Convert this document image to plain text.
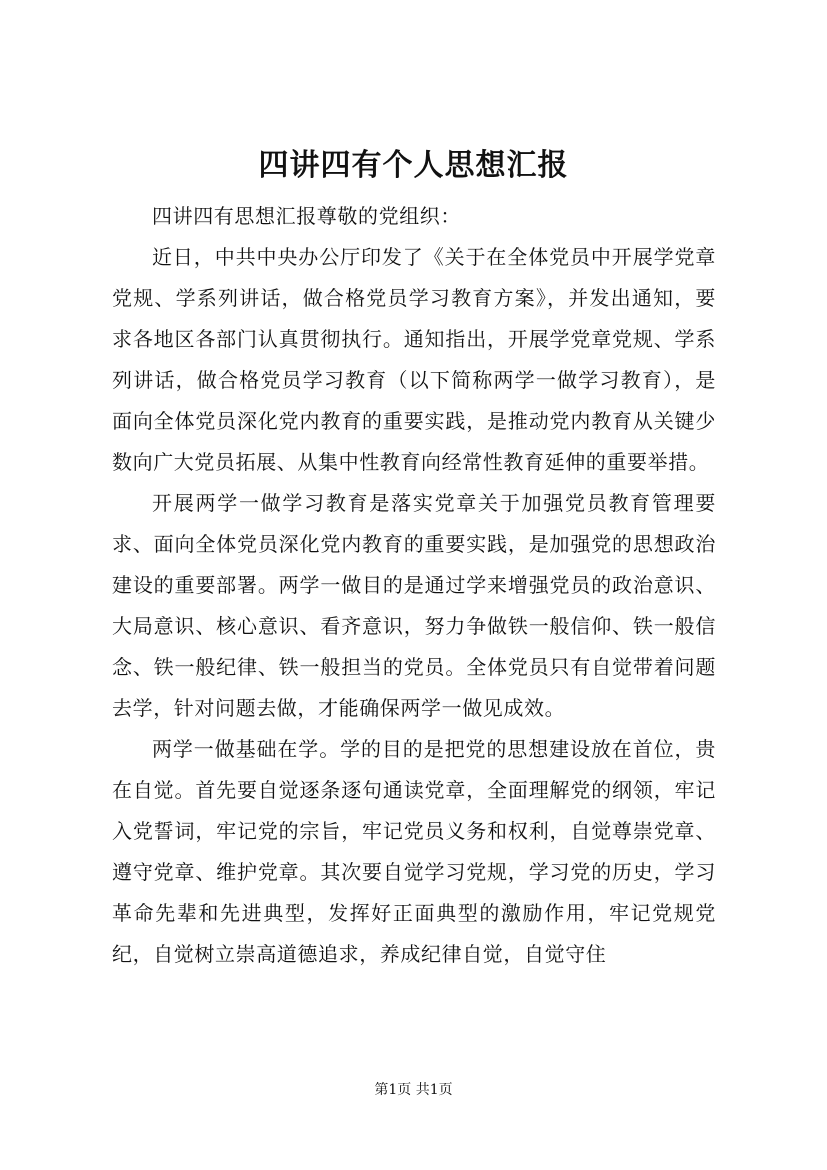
四讲四有个人思想汇报

四讲四有思想汇报尊敬的党组织：

近日，中共中央办公厅印发了《关于在全体党员中开展学党章党规、学系列讲话，做合格党员学习教育方案》，并发出通知，要求各地区各部门认真贯彻执行。通知指出，开展学党章党规、学系列讲话，做合格党员学习教育（以下简称两学一做学习教育），是面向全体党员深化党内教育的重要实践，是推动党内教育从关键少数向广大党员拓展、从集中性教育向经常性教育延伸的重要举措。

开展两学一做学习教育是落实党章关于加强党员教育管理要求、面向全体党员深化党内教育的重要实践，是加强党的思想政治建设的重要部署。两学一做目的是通过学来增强党员的政治意识、大局意识、核心意识、看齐意识，努力争做铁一般信仰、铁一般信念、铁一般纪律、铁一般担当的党员。全体党员只有自觉带着问题去学，针对问题去做，才能确保两学一做见成效。

两学一做基础在学。学的目的是把党的思想建设放在首位，贵在自觉。首先要自觉逐条逐句通读党章，全面理解党的纲领，牢记入党誓词，牢记党的宗旨，牢记党员义务和权利，自觉尊崇党章、遵守党章、维护党章。其次要自觉学习党规，学习党的历史，学习革命先辈和先进典型，发挥好正面典型的激励作用，牢记党规党纪，自觉树立崇高道德追求，养成纪律自觉，自觉守住

第1页 共1页
